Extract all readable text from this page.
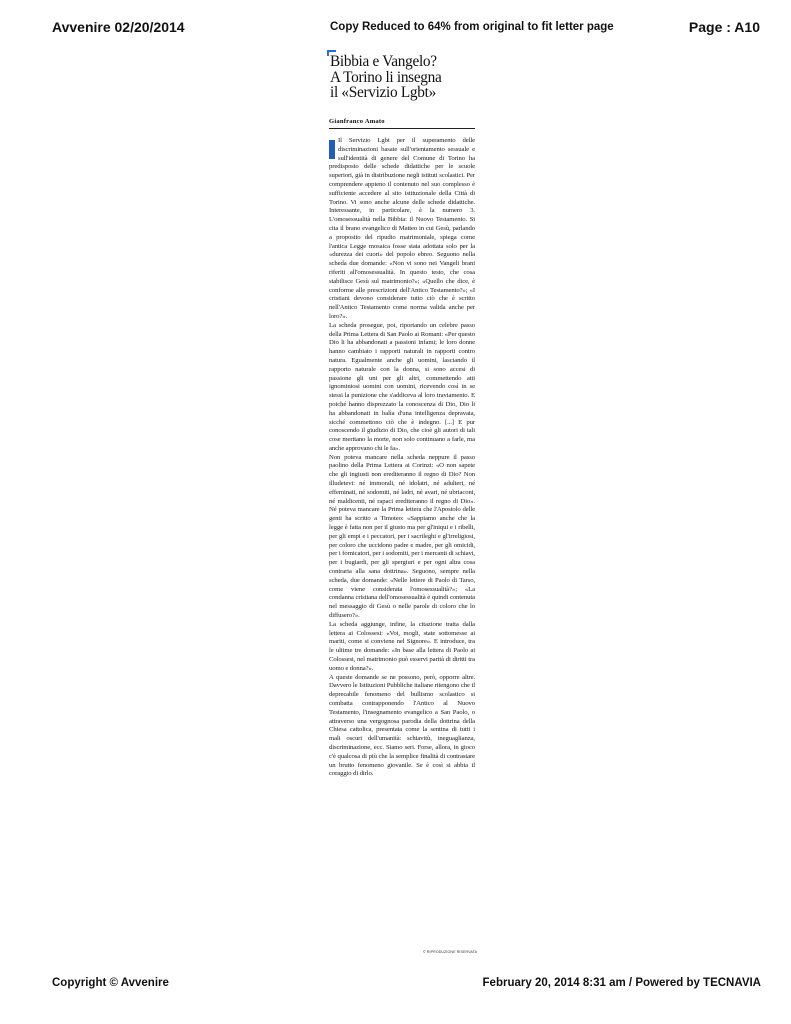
Avvenire 02/20/2014	Copy Reduced to 64% from original to fit letter page	Page : A10
Bibbia e Vangelo?
A Torino li insegna
il «Servizio Lgbt»
Gianfranco Amato

Il Servizio Lgbt per il superamento delle discriminazioni basate sull'orientamento sessuale e sull'identità di genere del Comune di Torino ha predisposto delle schede didattiche per le scuole superiori, già in distribuzione negli istituti scolastici. Per comprendere appieno il contenuto nel suo complesso è sufficiente accedere al sito istituzionale della Città di Torino. Vi sono anche alcune delle schede didattiche. Interessante, in particolare, è la numero 3. L'omosessualità nella Bibbia: il Nuovo Testamento. Si cita il brano evangelico di Matteo in cui Gesù, parlando a proposito del ripudio matrimoniale, spiega come l'antica Legge mosaica fosse stata adottata solo per la «durezza dei cuori» del popolo ebreo. Seguono nella scheda due domande: «Non vi sono nei Vangeli brani riferiti all'omosessualità. In questo testo, che cosa stabilisce Gesù sul matrimonio?»; «Quello che dice, è conforme alle prescrizioni dell'Antico Testamento?»; «I cristiani devono considerare tutto ciò che è scritto nell'Antico Testamento come norma valida anche per loro?».

La scheda prosegue, poi, riportando un celebre passo della Prima Lettera di San Paolo ai Romani: «Per questo Dio li ha abbandonati a passioni infami; le loro donne hanno cambiato i rapporti naturali in rapporti contro natura. Egualmente anche gli uomini, lasciando il rapporto naturale con la donna, si sono accesi di passione gli uni per gli altri, commettendo atti ignominiosi uomini con uomini, ricevendo così in se stessi la punizione che s'addiceva al loro traviamento. E poiché hanno disprezzato la conoscenza di Dio, Dio li ha abbandonati in balìa d'una intelligenza depravata, sicché commettono ciò che è indegno. [...] E pur conoscendo il giudizio di Dio, che cioè gli autori di tali cose meritano la morte, non solo continuano a farle, ma anche approvano chi le fa».

Non poteva mancare nella scheda neppure il passo paolino della Prima Lettera ai Corinzi: «O non sapete che gli ingiusti non erediteranno il regno di Dio? Non illudetevi: né immorali, né idolatri, né adulteri, né effeminati, né sodomiti, né ladri, né avari, né ubriaconi, né maldicenti, né rapaci erediteranno il regno di Dio». Né poteva mancare la Prima lettera che l'Apostolo delle genti ha scritto a Timoteo: «Sappiamo anche che la legge è fatta non per il giusto ma per gl'iniqui e i ribelli, per gli empi e i peccatori, per i sacrileghi e gl'irreligiosi, per coloro che uccidono padre e madre, per gli omicidi, per i fornicatori, per i sodomiti, per i mercanti di schiavi, per i bugiardi, per gli spergiuri e per ogni altra cosa contraria alla sana dottrina». Seguono, sempre nella scheda, due domande: «Nelle lettere di Paolo di Tarso, come viene considerata l'omosessualità?»; «La condanna cristiana dell'omosessualità è quindi contenuta nel messaggio di Gesù o nelle parole di coloro che lo diffusero?».

La scheda aggiunge, infine, la citazione tratta dalla lettera ai Colossesi: «Voi, mogli, state sottomesse ai mariti, come si conviene nel Signore». E introduce, tra le ultime tre domande: «In base alla lettera di Paolo ai Colossesi, nel matrimonio può esservi parità di diritti tra uomo e donna?».

A queste domande se ne possono, però, opporre altre. Davvero le Istituzioni Pubbliche italiane ritengono che il deprecabile fenomeno del bullismo scolastico si combatta contrapponendo l'Antico al Nuovo Testamento, l'insegnamento evangelico a San Paolo, o attraverso una vergognosa parodia della dottrina della Chiesa cattolica, presentata come la sentina di tutti i mali oscuri dell'umanità: schiavitù, ineguaglianza, discriminazione, ecc. Siamo seri. Forse, allora, in gioco c'è qualcosa di più che la semplice finalità di contrastare un brutto fenomeno giovanile. Se è così si abbia il coraggio di dirlo.

© RIPRODUZIONE RISERVATA
Copyright © Avvenire	February 20, 2014 8:31 am / Powered by TECNAVIA
